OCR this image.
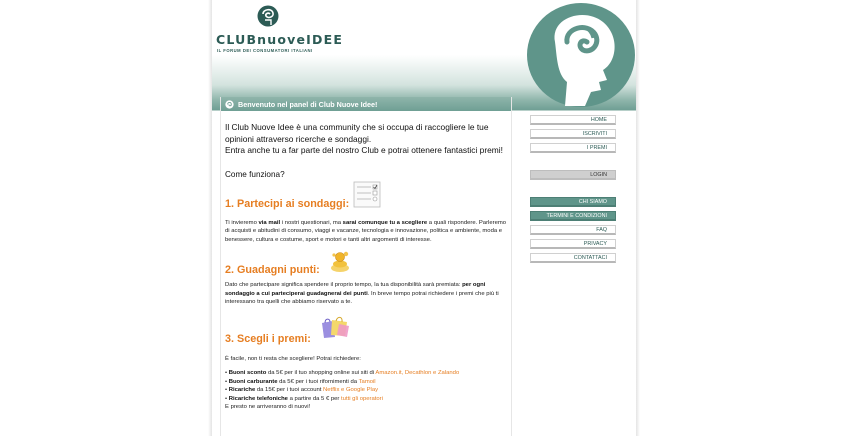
CLUBnuoveIDEE
IL FORUM DEI CONSUMATORI ITALIANI
Benvenuto nel panel di Club Nuove Idee!
Il Club Nuove Idee è una community che si occupa di raccogliere le tue opinioni attraverso ricerche e sondaggi.
Entra anche tu a far parte del nostro Club e potrai ottenere fantastici premi!
Come funziona?
1. Partecipi ai sondaggi:
Ti invieremo via mail i nostri questionari, ma sarai comunque tu a scegliere a quali rispondere. Parleremo di acquisti e abitudini di consumo, viaggi e vacanze, tecnologia e innovazione, politica e ambiente, moda e benessere, cultura e costume, sport e motori e tanti altri argomenti di interesse.
2. Guadagni punti:
Dato che partecipare significa spendere il proprio tempo, la tua disponibilità sarà premiata: per ogni sondaggio a cui parteciperai guadagnerai dei punti. In breve tempo potrai richiedere i premi che più ti interessano tra quelli che abbiamo riservato a te.
3. Scegli i premi:
È facile, non ti resta che scegliere! Potrai richiedere:
• Buoni sconto da 5€ per il tuo shopping online sui siti di Amazon.it, Decathlon e Zalando
• Buoni carburante da 5€ per i tuoi rifornimenti da Tamoil
• Ricariche da 15€ per i tuoi account Netflix e Google Play
• Ricariche telefoniche a partire da 5 € per tutti gli operatori
E presto ne arriveranno di nuovi!
HOME
ISCRIVITI
I PREMI
LOGIN
CHI SIAMO
TERMINI E CONDIZIONI
FAQ
PRIVACY
CONTATTACI
